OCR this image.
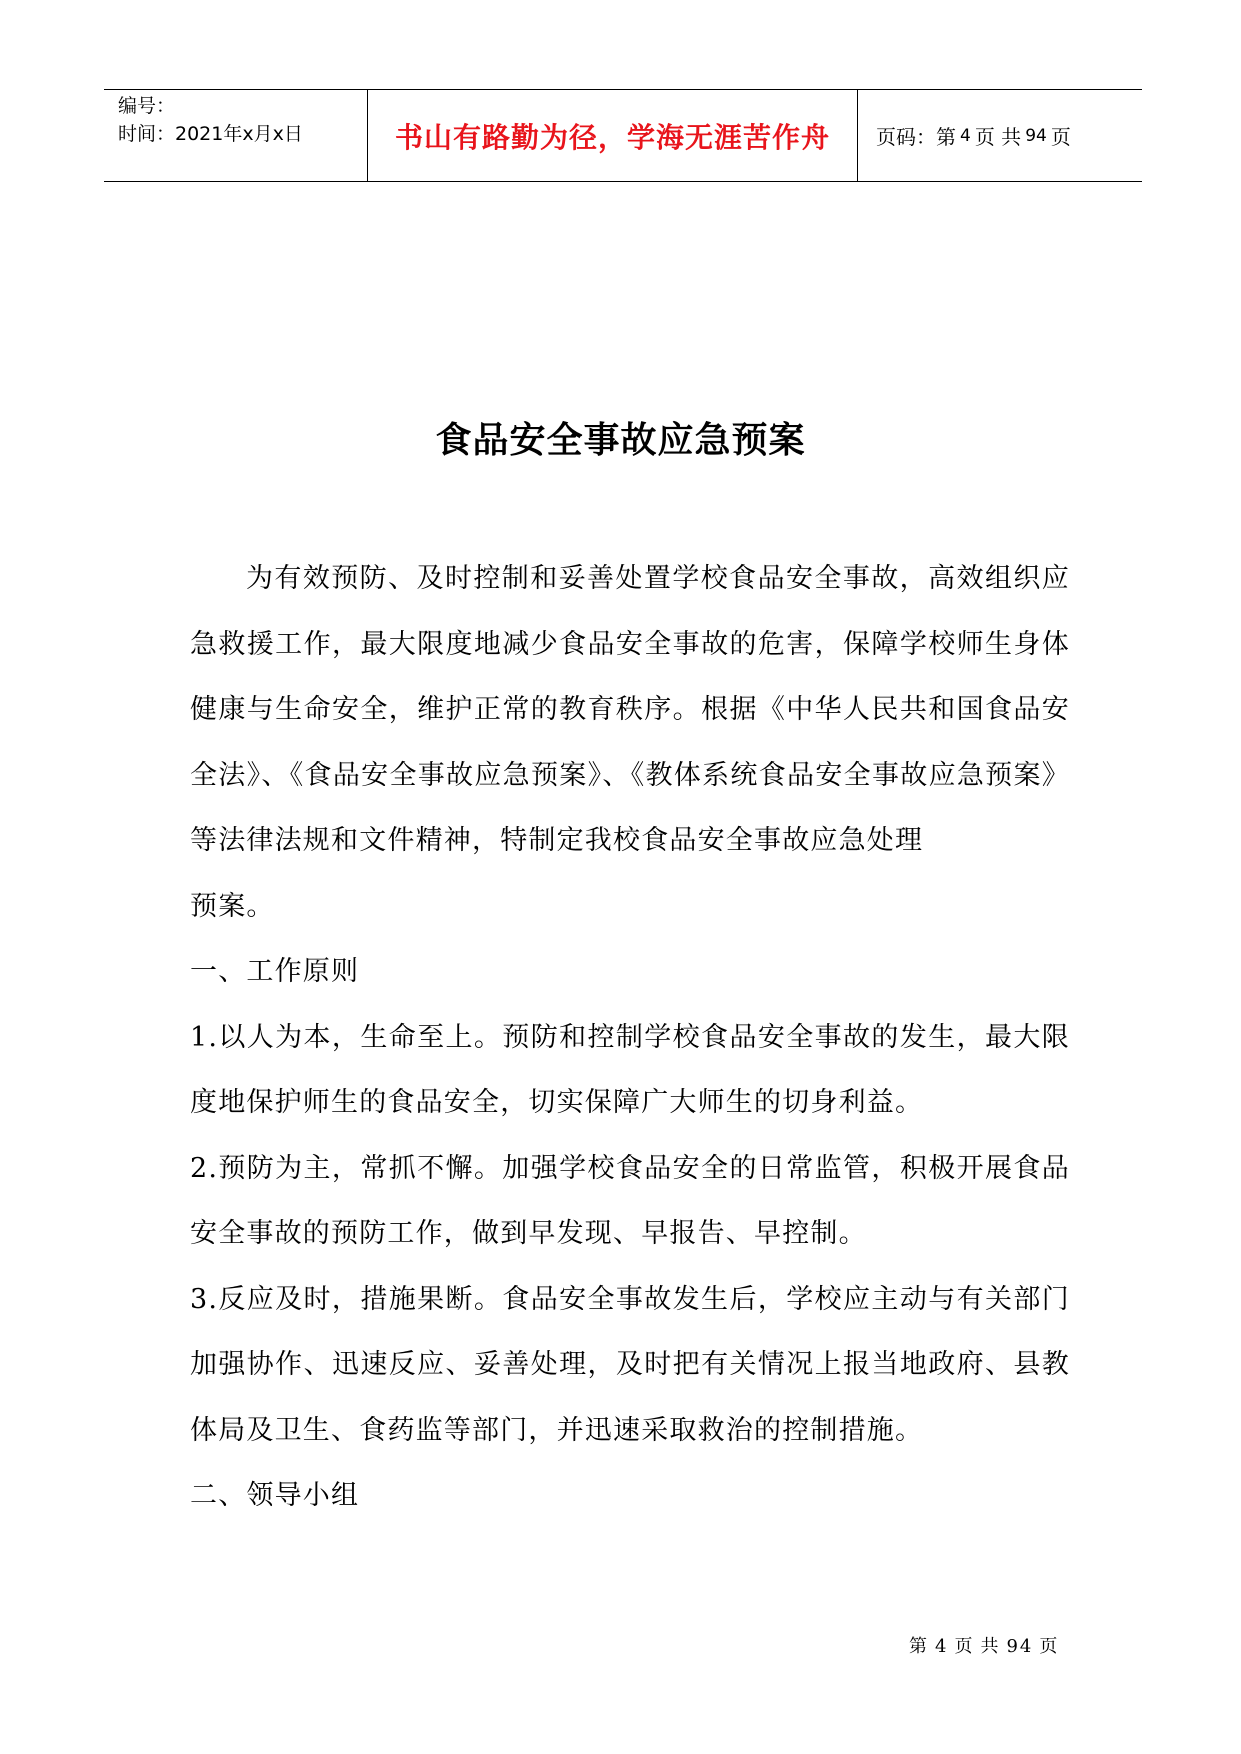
编号：
时间：2021年x月x日	书山有路勤为径，学海无涯苦作舟	页码：第 4 页 共 94 页
食品安全事故应急预案

为有效预防、及时控制和妥善处置学校食品安全事故，高效组织应急救援工作，最大限度地减少食品安全事故的危害，保障学校师生身体健康与生命安全，维护正常的教育秩序。根据《中华人民共和国食品安全法》、《食品安全事故应急预案》、《教体系统食品安全事故应急预案》等法律法规和文件精神，特制定我校食品安全事故应急处理

预案。

一、工作原则

1.以人为本，生命至上。预防和控制学校食品安全事故的发生，最大限度地保护师生的食品安全，切实保障广大师生的切身利益。

2.预防为主，常抓不懈。加强学校食品安全的日常监管，积极开展食品安全事故的预防工作，做到早发现、早报告、早控制。

3.反应及时，措施果断。食品安全事故发生后，学校应主动与有关部门加强协作、迅速反应、妥善处理，及时把有关情况上报当地政府、县教体局及卫生、食药监等部门，并迅速采取救治的控制措施。

二、领导小组

第 4 页 共 94 页
